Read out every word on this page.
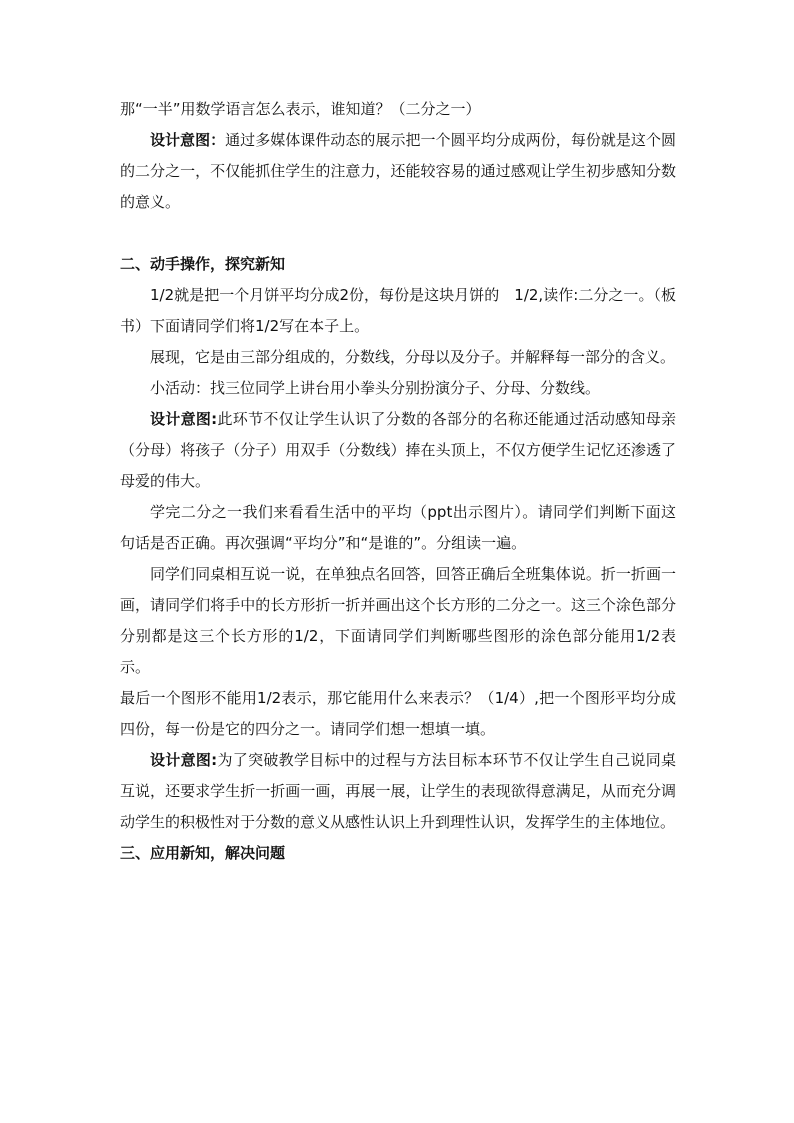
那“一半”用数学语言怎么表示，谁知道？（二分之一）

设计意图：通过多媒体课件动态的展示把一个圆平均分成两份，每份就是这个圆的二分之一，不仅能抓住学生的注意力，还能较容易的通过感观让学生初步感知分数的意义。

二、动手操作，探究新知

1/2就是把一个月饼平均分成2份，每份是这块月饼的　1/2,读作:二分之一。（板书）下面请同学们将1/2写在本子上。

展现，它是由三部分组成的，分数线，分母以及分子。并解释每一部分的含义。

小活动：找三位同学上讲台用小拳头分别扮演分子、分母、分数线。

设计意图:此环节不仅让学生认识了分数的各部分的名称还能通过活动感知母亲（分母）将孩子（分子）用双手（分数线）捧在头顶上，不仅方便学生记忆还渗透了母爱的伟大。

学完二分之一我们来看看生活中的平均（ppt出示图片）。请同学们判断下面这句话是否正确。再次强调“平均分”和“是谁的”。分组读一遍。

同学们同桌相互说一说，在单独点名回答，回答正确后全班集体说。折一折画一画，请同学们将手中的长方形折一折并画出这个长方形的二分之一。这三个涂色部分分别都是这三个长方形的1/2，下面请同学们判断哪些图形的涂色部分能用1/2表示。

最后一个图形不能用1/2表示，那它能用什么来表示？（1/4）,把一个图形平均分成四份，每一份是它的四分之一。请同学们想一想填一填。

设计意图:为了突破教学目标中的过程与方法目标本环节不仅让学生自己说同桌互说，还要求学生折一折画一画，再展一展，让学生的表现欲得意满足，从而充分调动学生的积极性对于分数的意义从感性认识上升到理性认识，发挥学生的主体地位。

三、应用新知，解决问题
